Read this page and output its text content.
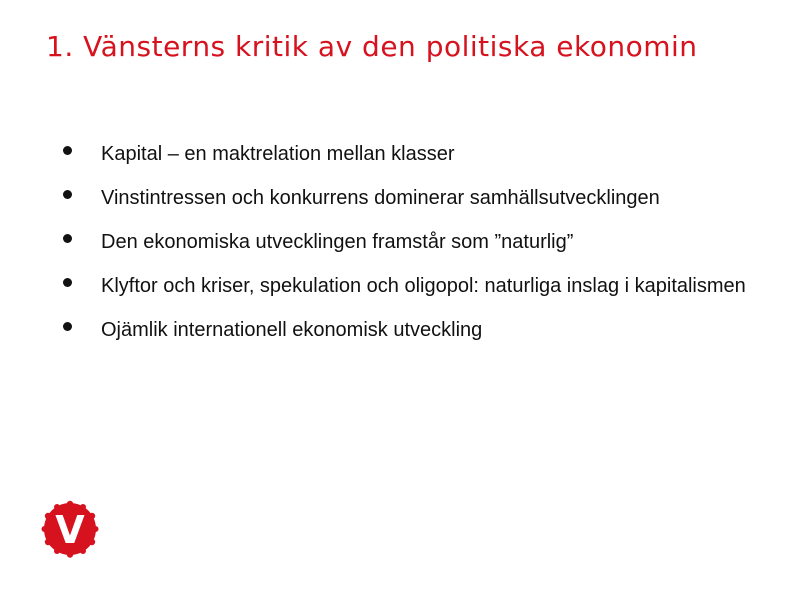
1. Vänsterns kritik av den politiska ekonomin
Kapital – en maktrelation mellan klasser
Vinstintressen och konkurrens dominerar samhällsutvecklingen
Den ekonomiska utvecklingen framstår som ”naturlig”
Klyftor och kriser, spekulation och oligopol: naturliga inslag i kapitalismen
Ojämlik internationell ekonomisk utveckling
V
